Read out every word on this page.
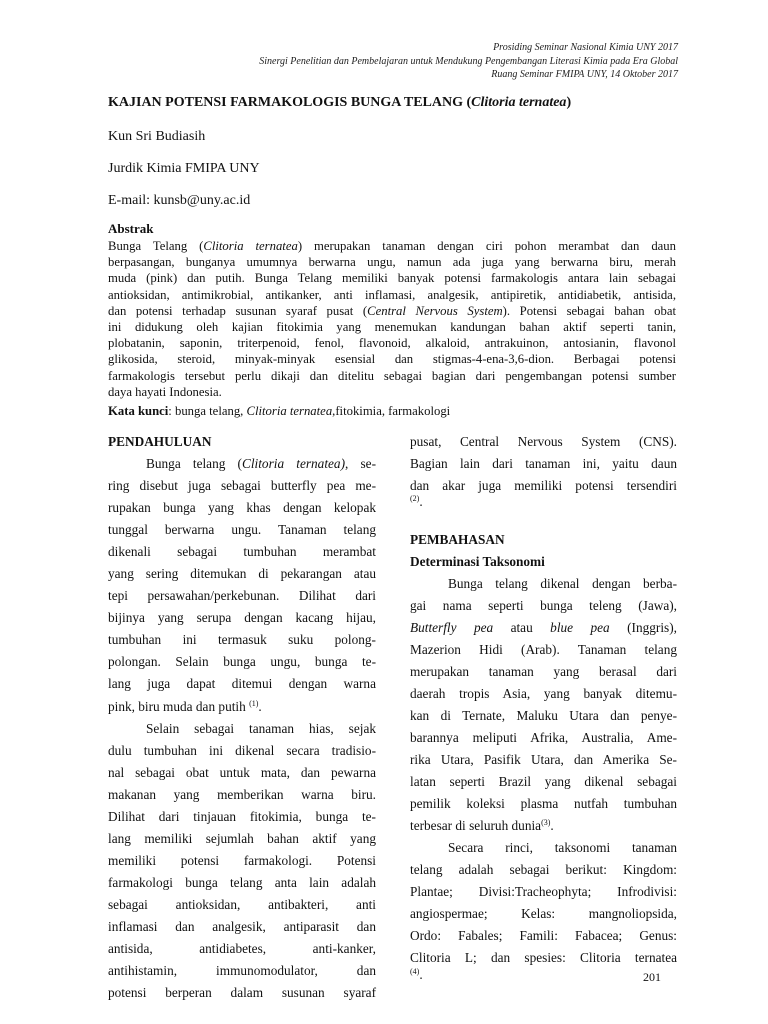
Prosiding Seminar Nasional Kimia UNY 2017
Sinergi Penelitian dan Pembelajaran untuk Mendukung Pengembangan Literasi Kimia pada Era Global
Ruang Seminar FMIPA UNY, 14 Oktober 2017
KAJIAN POTENSI FARMAKOLOGIS BUNGA TELANG (Clitoria ternatea)
Kun Sri Budiasih
Jurdik Kimia FMIPA UNY
E-mail: kunsb@uny.ac.id
Abstrak
Bunga Telang (Clitoria ternatea) merupakan tanaman dengan ciri pohon merambat dan daun
berpasangan, bunganya umumnya berwarna ungu, namun ada juga yang berwarna biru, merah
muda (pink) dan putih. Bunga Telang memiliki banyak potensi farmakologis antara lain sebagai
antioksidan, antimikrobial, antikanker, anti inflamasi, analgesik, antipiretik, antidiabetik, antisida,
dan potensi terhadap susunan syaraf pusat (Central Nervous System). Potensi sebagai bahan obat
ini didukung oleh kajian fitokimia yang menemukan kandungan bahan aktif seperti tanin,
plobatanin, saponin, triterpenoid, fenol, flavonoid, alkaloid, antrakuinon, antosianin, flavonol
glikosida, steroid, minyak-minyak esensial dan stigmas-4-ena-3,6-dion. Berbagai potensi
farmakologis tersebut perlu dikaji dan ditelitu sebagai bagian dari pengembangan potensi sumber
daya hayati Indonesia.
Kata kunci: bunga telang, Clitoria ternatea,fitokimia, farmakologi
PENDAHULUAN
Bunga telang (Clitoria ternatea), se-
ring disebut juga sebagai butterfly pea me-
rupakan bunga yang khas dengan kelopak
tunggal berwarna ungu. Tanaman telang
dikenali sebagai tumbuhan merambat
yang sering ditemukan di pekarangan atau
tepi persawahan/perkebunan. Dilihat dari
bijinya yang serupa dengan kacang hijau,
tumbuhan ini termasuk suku polong-
polongan. Selain bunga ungu, bunga te-
lang juga dapat ditemui dengan warna
pink, biru muda dan putih $^{(1)}$.
Selain sebagai tanaman hias, sejak
dulu tumbuhan ini dikenal secara tradisio-
nal sebagai obat untuk mata, dan pewarna
makanan yang memberikan warna biru.
Dilihat dari tinjauan fitokimia, bunga te-
lang memiliki sejumlah bahan aktif yang
memiliki potensi farmakologi. Potensi
farmakologi bunga telang anta lain adalah
sebagai antioksidan, antibakteri, anti
inflamasi dan analgesik, antiparasit dan
antisida, antidiabetes, anti-kanker,
antihistamin, immunomodulator, dan
potensi berperan dalam susunan syaraf
pusat, Central Nervous System (CNS).
Bagian lain dari tanaman ini, yaitu daun
dan akar juga memiliki potensi tersendiri
$^{(2)}$.
PEMBAHASAN
Determinasi Taksonomi
Bunga telang dikenal dengan berba-
gai nama seperti bunga teleng (Jawa),
Butterfly pea atau blue pea (Inggris),
Mazerion Hidi (Arab). Tanaman telang
merupakan tanaman yang berasal dari
daerah tropis Asia, yang banyak ditemu-
kan di Ternate, Maluku Utara dan penye-
barannya meliputi Afrika, Australia, Ame-
rika Utara, Pasifik Utara, dan Amerika Se-
latan seperti Brazil yang dikenal sebagai
pemilik koleksi plasma nutfah tumbuhan
terbesar di seluruh dunia$^{(3)}$.
Secara rinci, taksonomi tanaman
telang adalah sebagai berikut: Kingdom:
Plantae; Divisi:Tracheophyta; Infrodivisi:
angiospermae; Kelas: mangnoliopsida,
Ordo: Fabales; Famili: Fabacea; Genus:
Clitoria L; dan spesies: Clitoria ternatea
$^{(4)}$.	201
